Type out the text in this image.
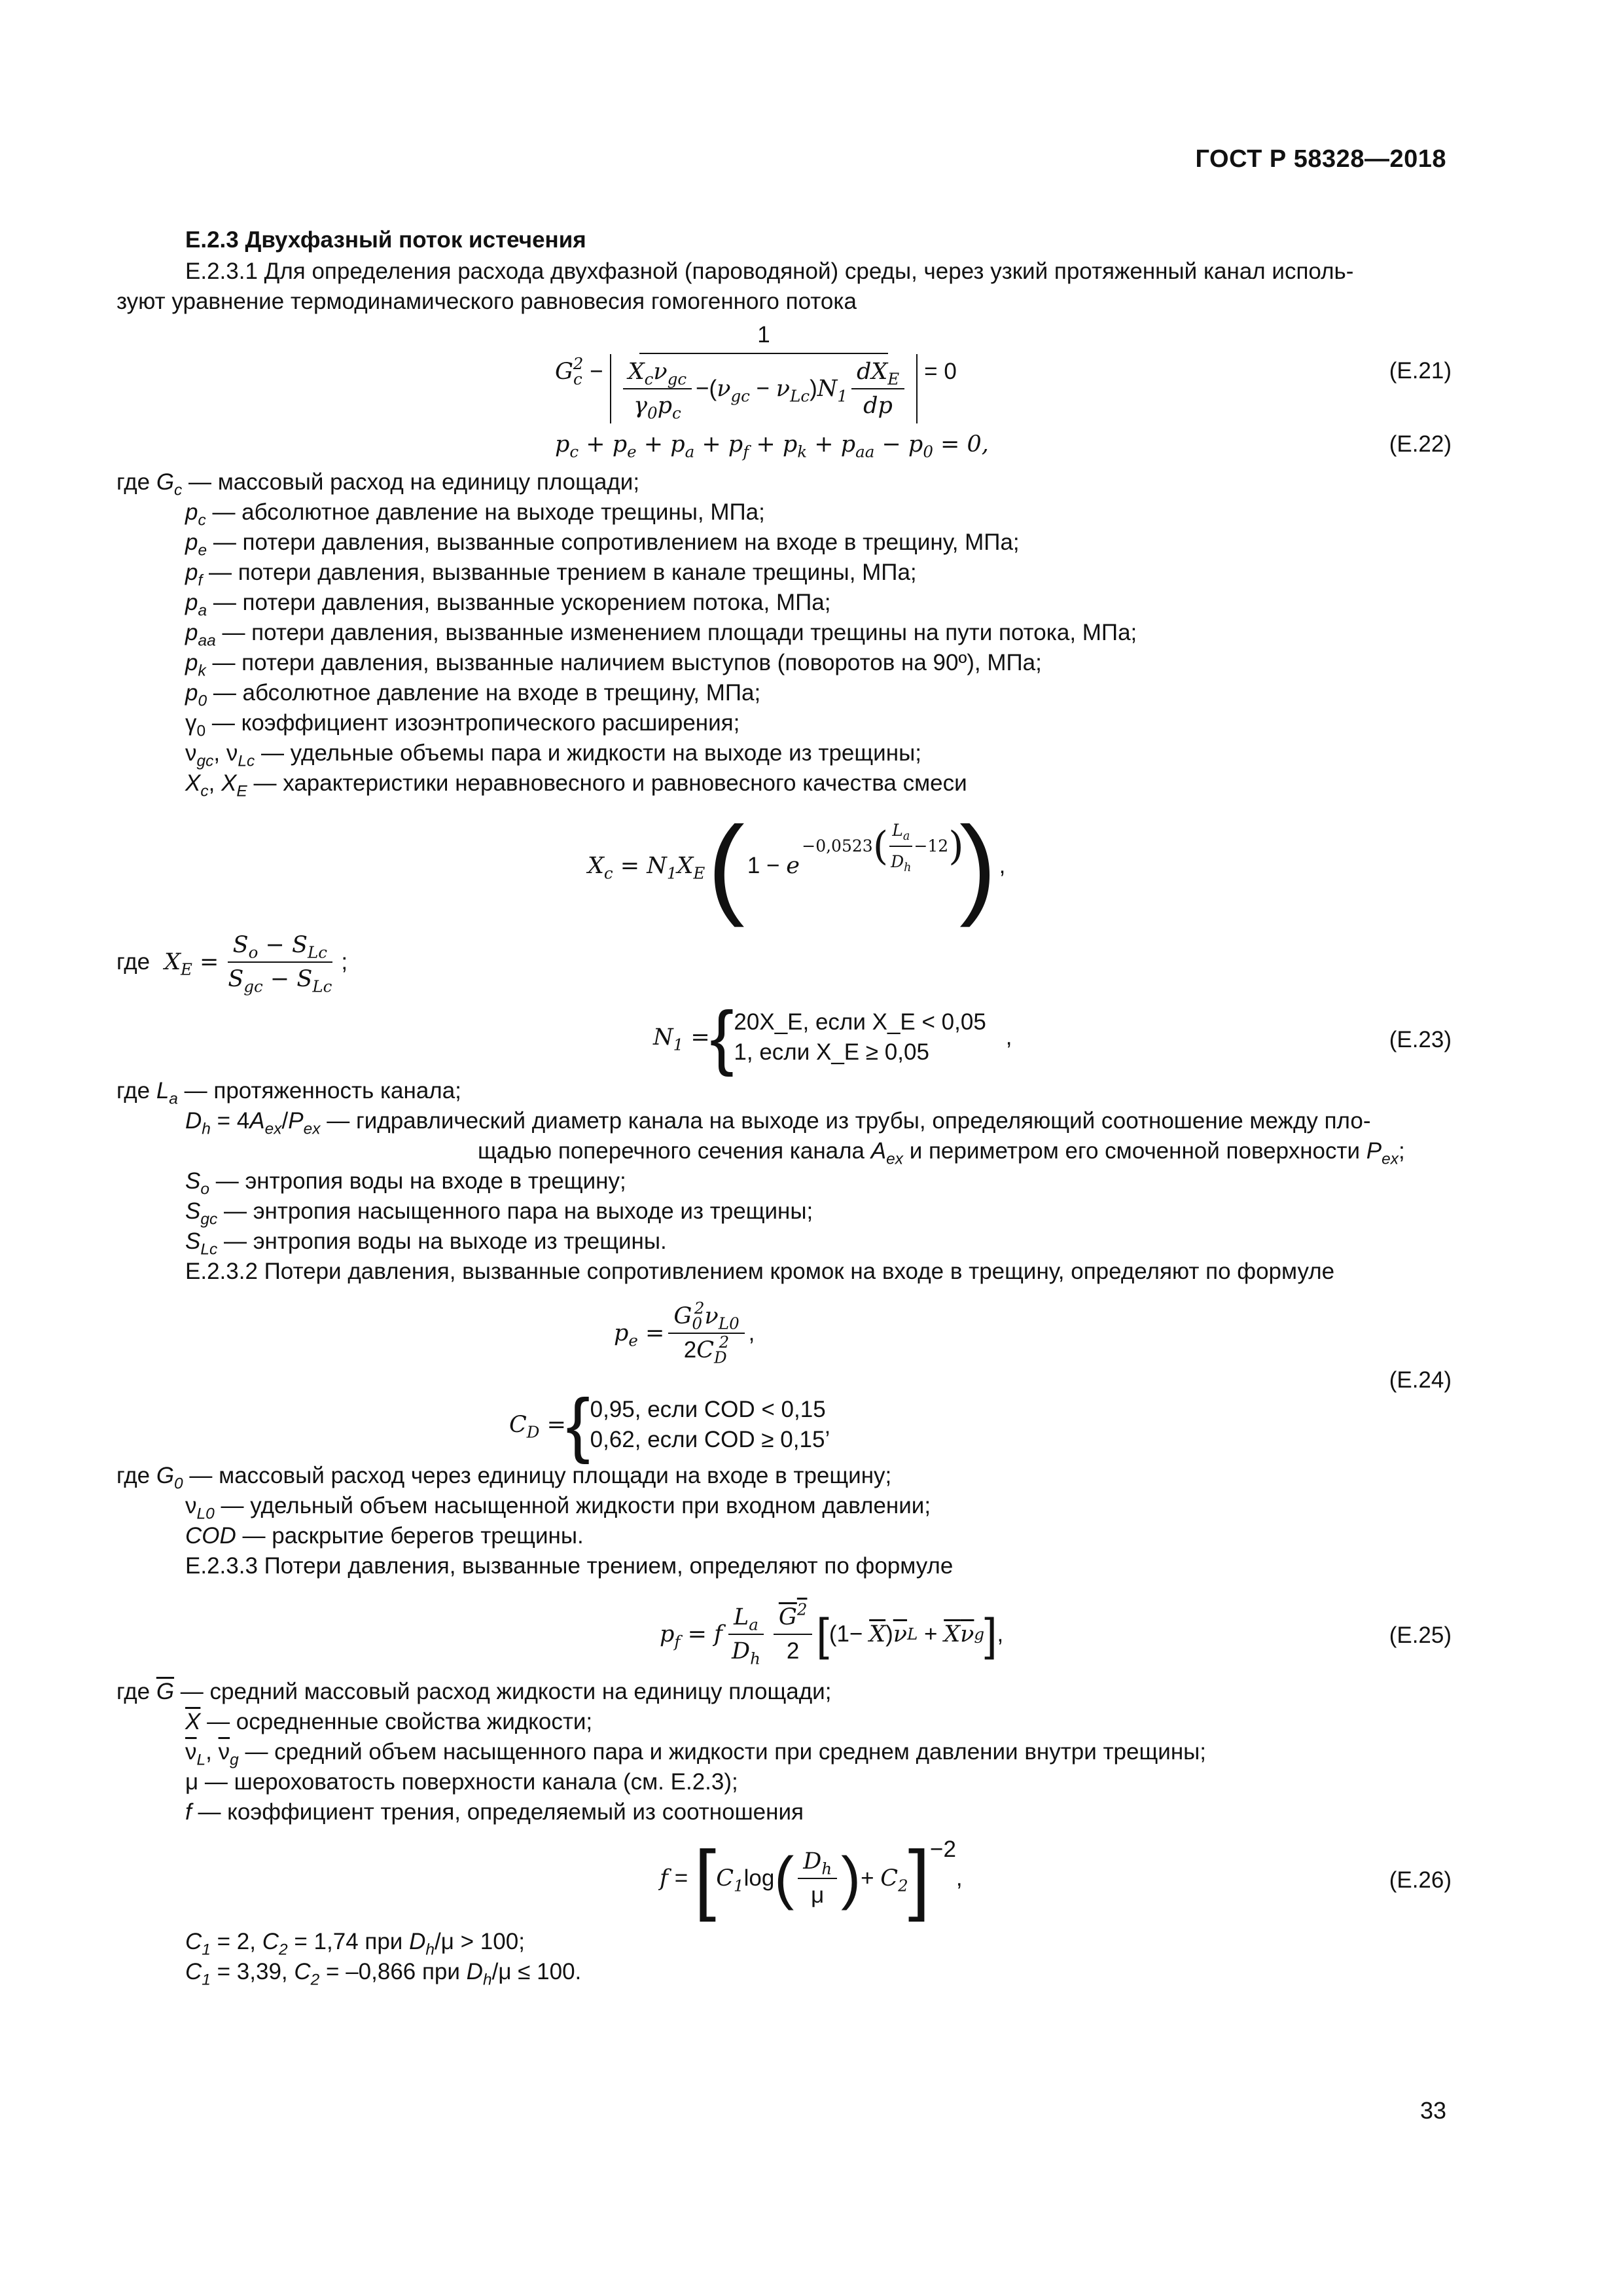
ГОСТ Р 58328—2018

Е.2.3 Двухфазный поток истечения

Е.2.3.1 Для определения расхода двухфазной (пароводяной) среды, через узкий протяженный канал исполь-

зуют уравнение термодинамического равновесия гомогенного потока

$G_c^2 - \frac{1}{\frac{X_c\nu_{gc}}{\gamma_0p_c} -( \nu_{gc} - \nu_{Lc} ) N_1 \frac{dX_E}{dp}} = 0$	(Е.21)
$p_c + p_e + p_a + p_f + p_k + p_{aa} - p_0 = 0$,	(Е.22)

где $G_c$ — массовый расход на единицу площади;

$p_c$ — абсолютное давление на выходе трещины, МПа;

$p_e$ — потери давления, вызванные сопротивлением на входе в трещину, МПа;

$p_f$ — потери давления, вызванные трением в канале трещины, МПа;

$p_a$ — потери давления, вызванные ускорением потока, МПа;

$p_{aa}$ — потери давления, вызванные изменением площади трещины на пути потока, МПа;

$p_k$ — потери давления, вызванные наличием выступов (поворотов на 90º), МПа;

$p_0$ — абсолютное давление на входе в трещину, МПа;

$\gamma_0$ — коэффициент изоэнтропического расширения;

$\nu_{gc}$, $\nu_{Lc}$ — удельные объемы пара и жидкости на выходе из трещины;

$X_c$, $X_E$ — характеристики неравновесного и равновесного качества смеси

$X_c = N_1X_E$ ( 1 − e
−0,0523 ( $\frac{L_a}{D_h} -12$ )
) ,
где $X_E = \frac{S_o - S_{Lc}}{S_{gc} - S_{Lc}}$ ;
$N_1$ = { 20X_E, если X_E < 0,05
1, если X_E ≥ 0,05
,	(Е.23)

где $L_a$ — протяженность канала;

$D_h = 4A_{ex}/P_{ex}$ — гидравлический диаметр канала на выходе из трубы, определяющий соотношение между пло-

щадью поперечного сечения канала $A_{ex}$ и периметром его смоченной поверхности $P_{ex}$;

$S_o$ — энтропия воды на входе в трещину;

$S_{gc}$ — энтропия насыщенного пара на выходе из трещины;

$S_{Lc}$ — энтропия воды на выходе из трещины.

Е.2.3.2 Потери давления, вызванные сопротивлением кромок на входе в трещину, определяют по формуле

$p_e = \frac{G_0^2\nu_{L0}}{2C_D^2}$ ,
$C_D$ = { 0,95, если COD < 0,15
0,62, если COD ≥ 0,15’
(Е.24)

где $G_0$ — массовый расход через единицу площади на входе в трещину;

$\nu_{L0}$ — удельный объем насыщенной жидкости при входном давлении;

COD — раскрытие берегов трещины.

Е.2.3.3 Потери давления, вызванные трением, определяют по формуле

$p_f = f \frac{L_a}{D_h} \frac{G^2}{2}$ [ $(1- \overline{X})$ $\overline{\nu}$ $L + \overline{X}$ $\overline{\nu}$ g ] ,	(Е.25)

где $\overline{G}$ — средний массовый расход жидкости на единицу площади;

$\overline{X}$ — осредненные свойства жидкости;

$\overline{\nu}_L$, $\overline{\nu}_g$ — средний объем насыщенного пара и жидкости при среднем давлении внутри трещины;

μ — шероховатость поверхности канала (см. Е.2.3);

f — коэффициент трения, определяемый из соотношения

f = [ $C_1$ log ( $\frac{D_h}{\mu}$ ) + $C_2$ ] −2
,	(Е.26)

$C_1 = 2$, $C_2 = 1,74$ при $D_h/\mu > 100$;

$C_1 = 3,39$, $C_2 = -0,866$ при $D_h/\mu \le 100$.

33
